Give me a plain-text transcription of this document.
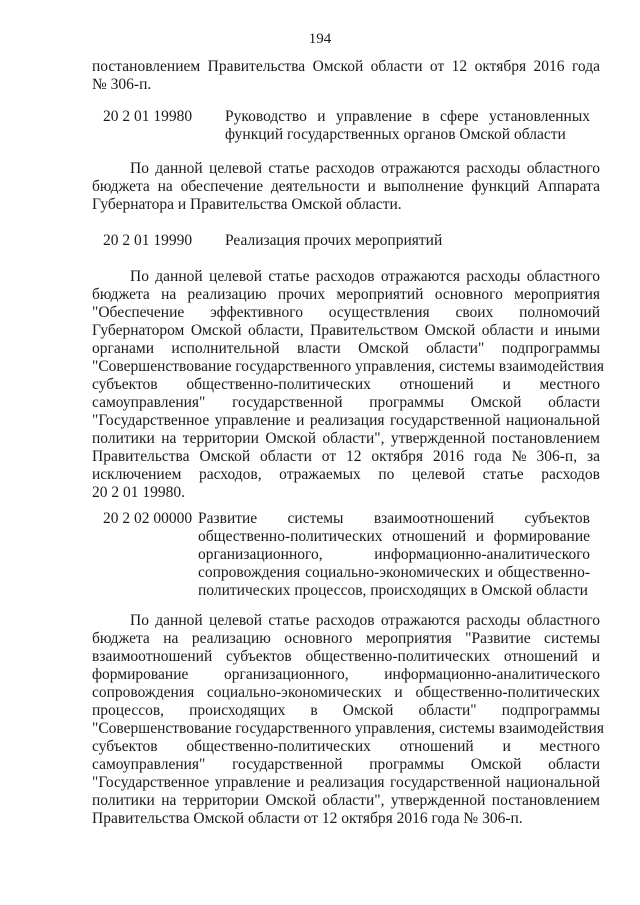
194
постановлением Правительства Омской области от 12 октября 2016 года
№ 306-п.
20 2 01 19980 Руководство и управление в сфере установленных
функций государственных органов Омской области
По данной целевой статье расходов отражаются расходы областного
бюджета на обеспечение деятельности и выполнение функций Аппарата
Губернатора и Правительства Омской области.
20 2 01 19990 Реализация прочих мероприятий
По данной целевой статье расходов отражаются расходы областного
бюджета на реализацию прочих мероприятий основного мероприятия
"Обеспечение эффективного осуществления своих полномочий
Губернатором Омской области, Правительством Омской области и иными
органами исполнительной власти Омской области" подпрограммы
"Совершенствование государственного управления, системы взаимодействия
субъектов общественно-политических отношений и местного
самоуправления" государственной программы Омской области
"Государственное управление и реализация государственной национальной
политики на территории Омской области", утвержденной постановлением
Правительства Омской области от 12 октября 2016 года № 306-п, за
исключением расходов, отражаемых по целевой статье расходов
20 2 01 19980.
20 2 02 00000 Развитие системы взаимоотношений субъектов
общественно-политических отношений и формирование
организационного, информационно-аналитического
сопровождения социально-экономических и общественно-
политических процессов, происходящих в Омской области
По данной целевой статье расходов отражаются расходы областного
бюджета на реализацию основного мероприятия "Развитие системы
взаимоотношений субъектов общественно-политических отношений и
формирование организационного, информационно-аналитического
сопровождения социально-экономических и общественно-политических
процессов, происходящих в Омской области" подпрограммы
"Совершенствование государственного управления, системы взаимодействия
субъектов общественно-политических отношений и местного
самоуправления" государственной программы Омской области
"Государственное управление и реализация государственной национальной
политики на территории Омской области", утвержденной постановлением
Правительства Омской области от 12 октября 2016 года № 306-п.
